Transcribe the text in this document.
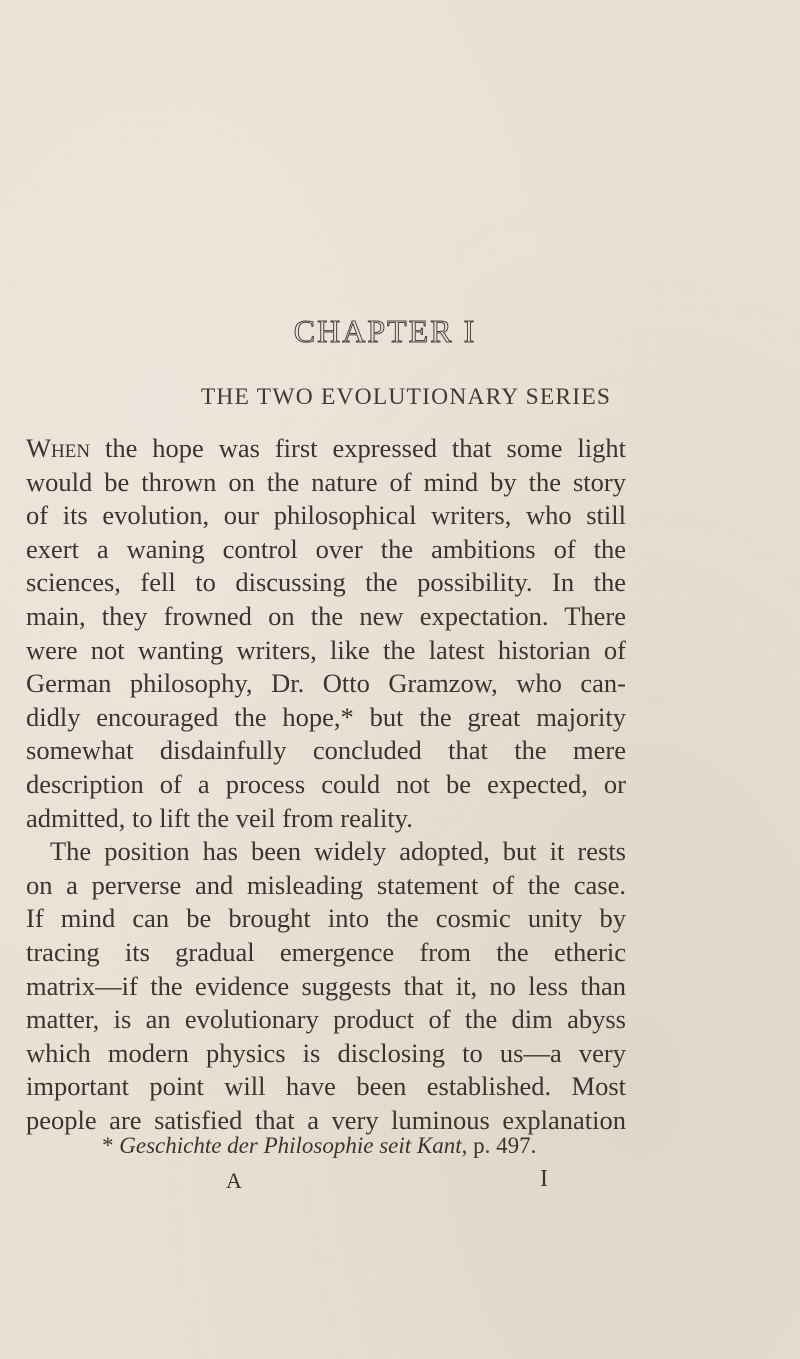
CHAPTER I
THE TWO EVOLUTIONARY SERIES
When the hope was first expressed that some light
would be thrown on the nature of mind by the story
of its evolution, our philosophical writers, who still
exert a waning control over the ambitions of the
sciences, fell to discussing the possibility. In the
main, they frowned on the new expectation. There
were not wanting writers, like the latest historian of
German philosophy, Dr. Otto Gramzow, who can-
didly encouraged the hope,* but the great majority
somewhat disdainfully concluded that the mere
description of a process could not be expected, or
admitted, to lift the veil from reality.
The position has been widely adopted, but it rests
on a perverse and misleading statement of the case.
If mind can be brought into the cosmic unity by
tracing its gradual emergence from the etheric
matrix—if the evidence suggests that it, no less than
matter, is an evolutionary product of the dim abyss
which modern physics is disclosing to us—a very
important point will have been established. Most
people are satisfied that a very luminous explanation
* Geschichte der Philosophie seit Kant, p. 497.
A	I
